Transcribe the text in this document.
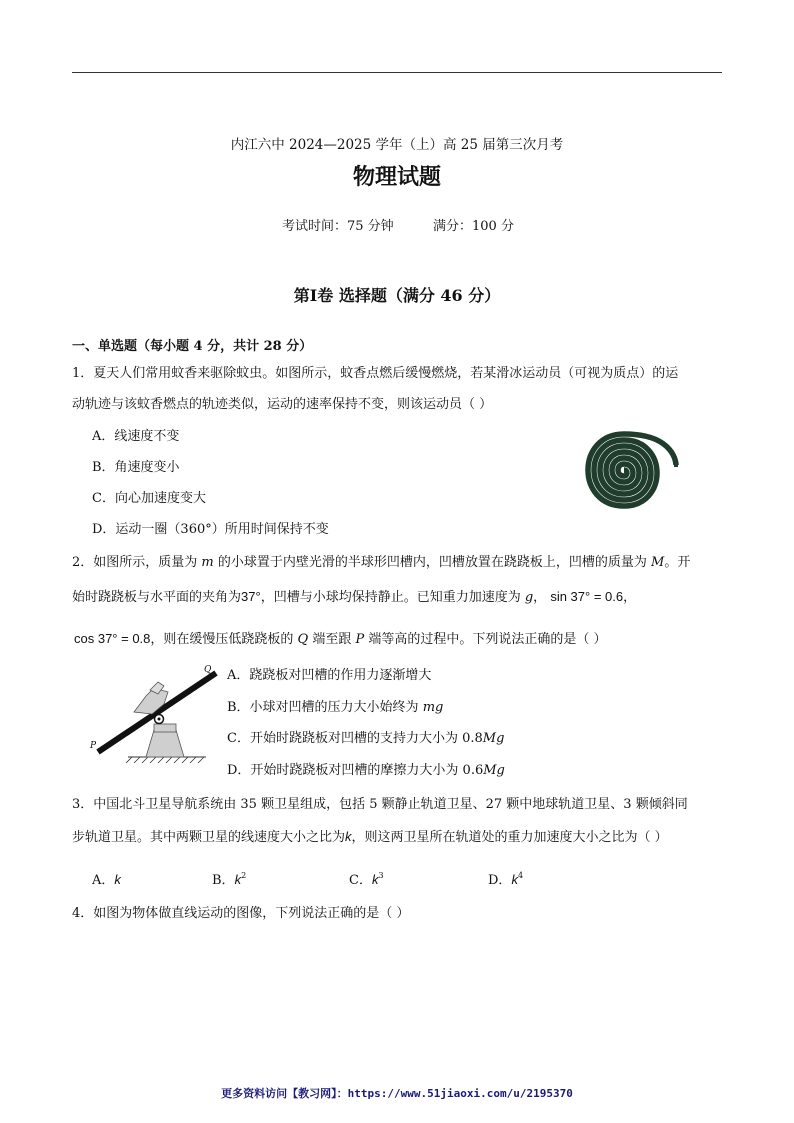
内江六中 2024—2025 学年（上）高 25 届第三次月考
物理试题
考试时间：75 分钟	满分：100 分
第Ⅰ卷 选择题（满分 46 分）
一、单选题（每小题 4 分，共计 28 分）
1．夏天人们常用蚊香来驱除蚊虫。如图所示，蚊香点燃后缓慢燃烧，若某滑冰运动员（可视为质点）的运
动轨迹与该蚊香燃点的轨迹类似，运动的速率保持不变，则该运动员（ ）
A．线速度不变
B．角速度变小
C．向心加速度变大
D．运动一圈（360°）所用时间保持不变
2．如图所示，质量为 m 的小球置于内壁光滑的半球形凹槽内，凹槽放置在跷跷板上，凹槽的质量为 M。开
始时跷跷板与水平面的夹角为37°，凹槽与小球均保持静止。已知重力加速度为 g， sin 37° = 0.6，
cos 37° = 0.8，则在缓慢压低跷跷板的 Q 端至跟 P 端等高的过程中。下列说法正确的是（ ）
Q
P
A．跷跷板对凹槽的作用力逐渐增大
B．小球对凹槽的压力大小始终为 mg
C．开始时跷跷板对凹槽的支持力大小为 0.8Mg
D．开始时跷跷板对凹槽的摩擦力大小为 0.6Mg
3．中国北斗卫星导航系统由 35 颗卫星组成，包括 5 颗静止轨道卫星、27 颗中地球轨道卫星、3 颗倾斜同
步轨道卫星。其中两颗卫星的线速度大小之比为k，则这两卫星所在轨道处的重力加速度大小之比为（ ）
A．k	B．$k^2$	C．$k^3$	D．$k^4$
4．如图为物体做直线运动的图像，下列说法正确的是（ ）
更多资料访问【教习网】：https://www.51jiaoxi.com/u/2195370
